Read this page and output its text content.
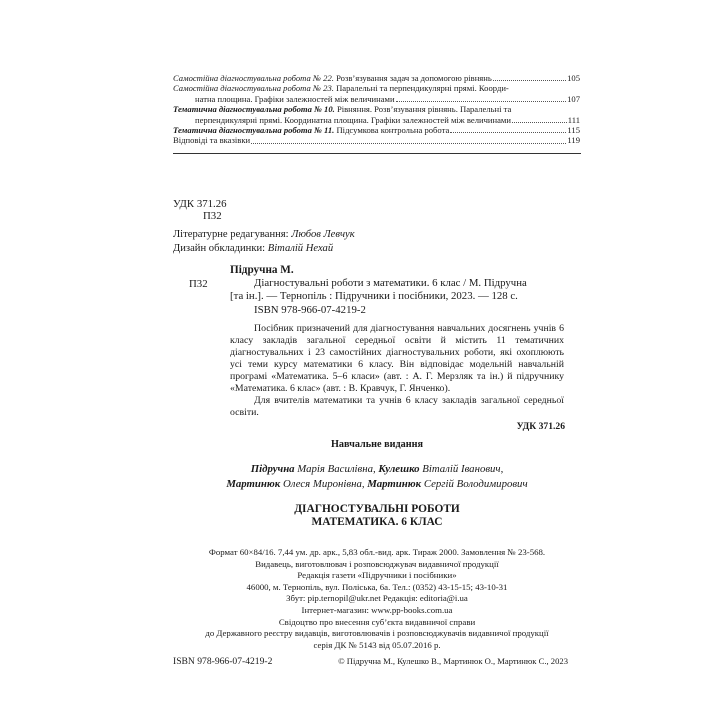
Самостійна діагностувальна робота № 22. Розв’язування задач за допомогою рівнянь	105
Самостійна діагностувальна робота № 23. Паралельні та перпендикулярні прямі. Коорди-
натна площина. Графіки залежностей між величинами	107
Тематична діагностувальна робота № 10. Рівняння. Розв’язування рівнянь. Паралельні та
перпендикулярні прямі. Координатна площина. Графіки залежностей між величинами	111
Тематична діагностувальна робота № 11. Підсумкова контрольна робота	115
Відповіді та вказівки	119
УДК 371.26
П32
Літературне редагування: Любов Левчук
Дизайн обкладинки: Віталій Нехай
Підручна М.
П32	Діагностувальні роботи з математики. 6 клас / М. Підручна

[та ін.]. — Тернопіль : Підручники і посібники, 2023. — 128 с.

ISBN 978-966-07-4219-2

Посібник призначений для діагностування навчальних досягнень учнів 6 класу закладів загальної середньої освіти й містить 11 тематичних діагностувальних і 23 самостійних діагностувальних роботи, які охоплюють усі теми курсу математики 6 класу. Він відповідає модельній навчальній програмі «Математика. 5–6 класи» (авт. : А. Г. Мерзляк та ін.) й підручнику «Математика. 6 клас» (авт. : В. Кравчук, Г. Янченко).

Для вчителів математики та учнів 6 класу закладів загальної середньої освіти.

УДК 371.26
Навчальне видання
Підручна Марія Василівна, Кулешко Віталій Іванович,
Мартинюк Олеся Миронівна, Мартинюк Сергій Володимирович
ДІАГНОСТУВАЛЬНІ РОБОТИ
МАТЕМАТИКА. 6 КЛАС
Формат 60×84/16. 7,44 ум. др. арк., 5,83 обл.-вид. арк. Тираж 2000. Замовлення № 23-568.
Видавець, виготовлювач і розповсюджувач видавничої продукції
Редакція газети «Підручники і посібники»
46000, м. Тернопіль, вул. Поліська, 6а. Тел.: (0352) 43-15-15; 43-10-31
Збут: pip.ternopil@ukr.net Редакція: editoria@i.ua
Інтернет-магазин: www.pp-books.com.ua
Свідоцтво про внесення суб’єкта видавничої справи
до Державного реєстру видавців, виготовлювачів і розповсюджувачів видавничої продукції
серія ДК № 5143 від 05.07.2016 р.
ISBN 978-966-07-4219-2	© Підручна М., Кулешко В., Мартинюк О., Мартинюк С., 2023
